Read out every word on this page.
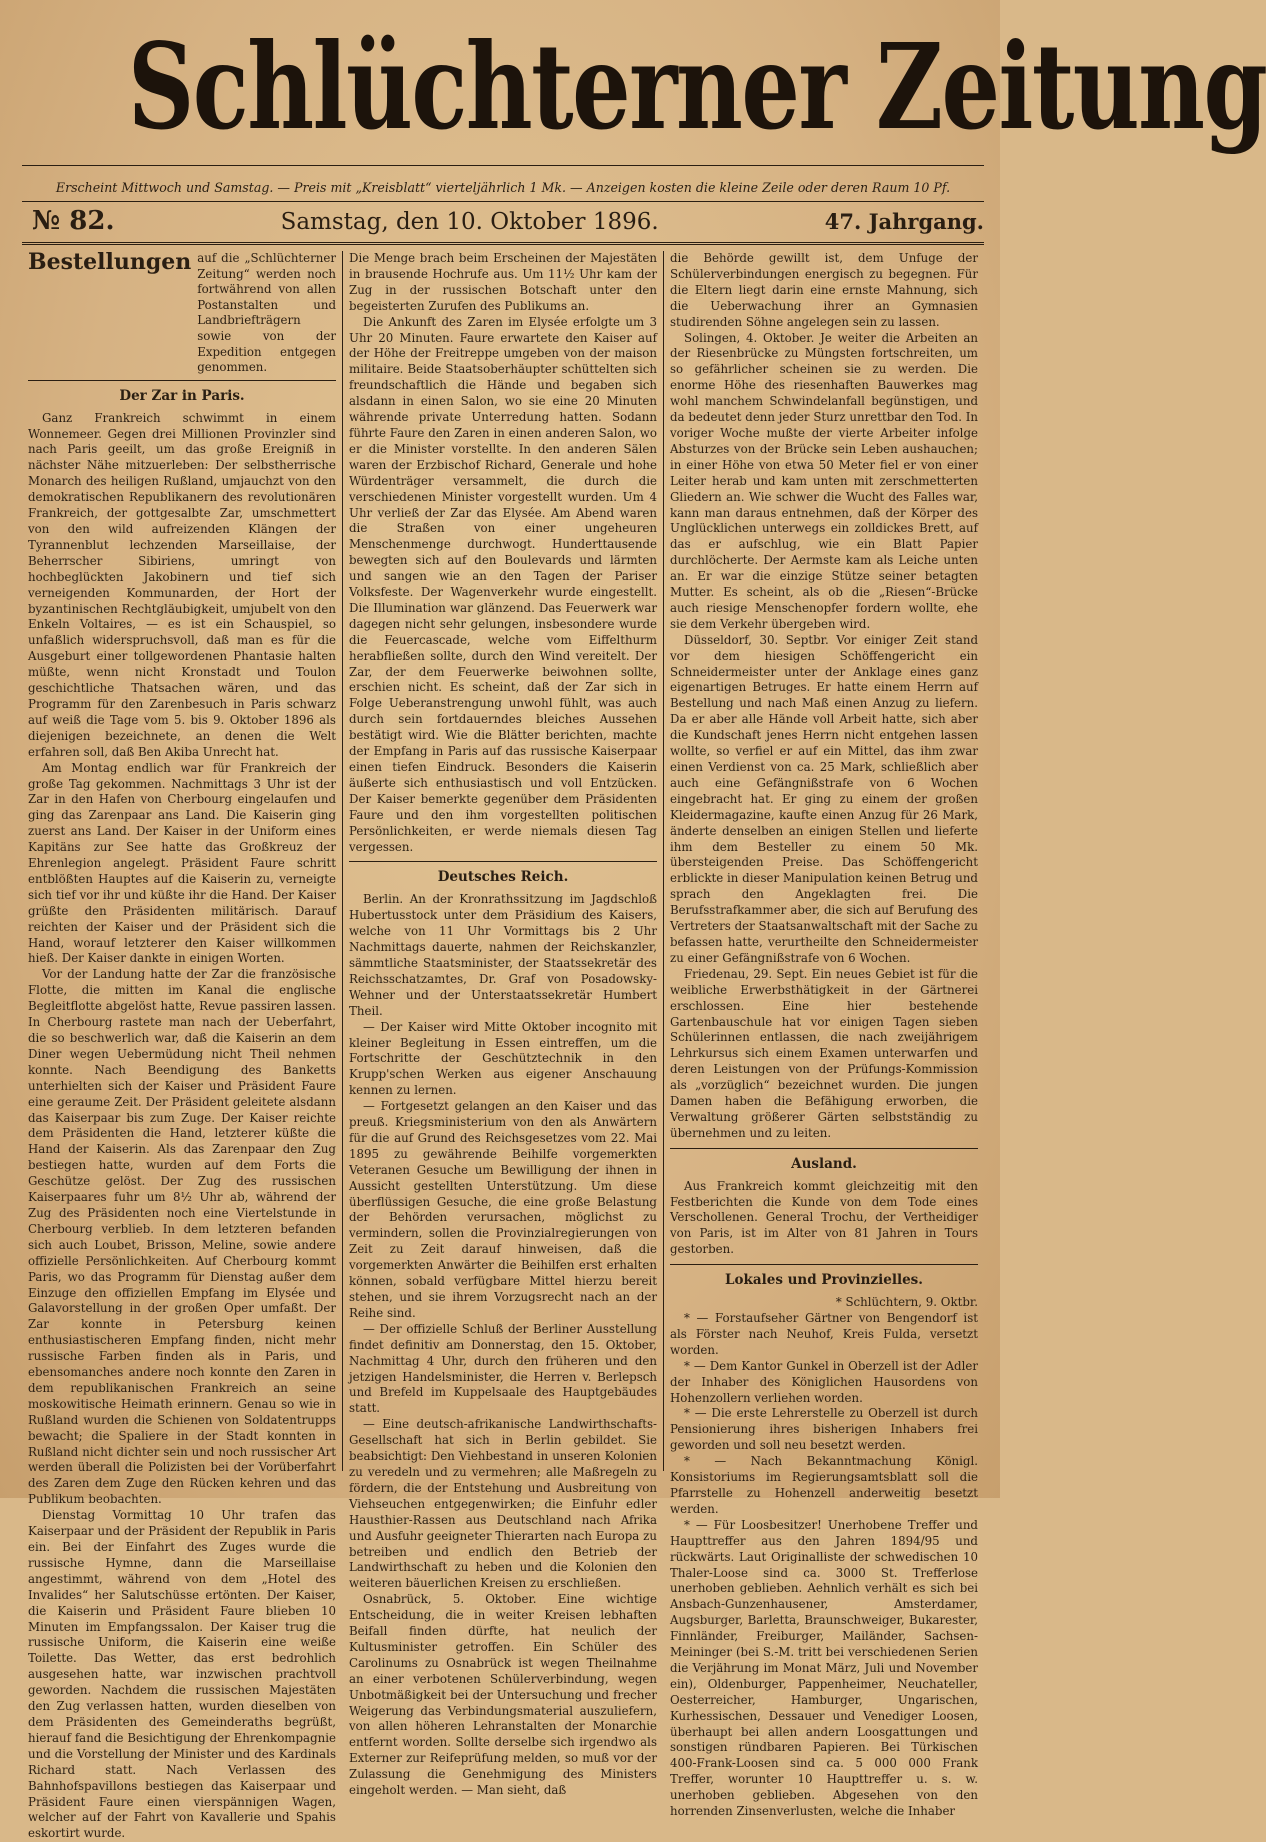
Schlüchterner Zeitung
Erscheint Mittwoch und Samstag. — Preis mit „Kreisblatt“ vierteljährlich 1 Mk. — Anzeigen kosten die kleine Zeile oder deren Raum 10 Pf.
№ 82.	Samstag, den 10. Oktober 1896.	47. Jahrgang.
Bestellungen auf die „Schlüchterner Zeitung“ werden noch fortwährend von allen Postanstalten und Landbriefträgern sowie von der Expedition entgegen genommen.
Der Zar in Paris.

Ganz Frankreich schwimmt in einem Wonnemeer. Gegen drei Millionen Provinzler sind nach Paris geeilt, um das große Ereigniß in nächster Nähe mitzuerleben: Der selbstherrische Monarch des heiligen Rußland, umjauchzt von den demokratischen Republikanern des revolutionären Frankreich, der gottgesalbte Zar, umschmettert von den wild aufreizenden Klängen der Tyrannenblut lechzenden Marseillaise, der Beherrscher Sibiriens, umringt von hochbeglückten Jakobinern und tief sich verneigenden Kommunarden, der Hort der byzantinischen Rechtgläubigkeit, umjubelt von den Enkeln Voltaires, — es ist ein Schauspiel, so unfaßlich widerspruchsvoll, daß man es für die Ausgeburt einer tollgewordenen Phantasie halten müßte, wenn nicht Kronstadt und Toulon geschichtliche Thatsachen wären, und das Programm für den Zarenbesuch in Paris schwarz auf weiß die Tage vom 5. bis 9. Oktober 1896 als diejenigen bezeichnete, an denen die Welt erfahren soll, daß Ben Akiba Unrecht hat.

Am Montag endlich war für Frankreich der große Tag gekommen. Nachmittags 3 Uhr ist der Zar in den Hafen von Cherbourg eingelaufen und ging das Zarenpaar ans Land. Die Kaiserin ging zuerst ans Land. Der Kaiser in der Uniform eines Kapitäns zur See hatte das Großkreuz der Ehrenlegion angelegt. Präsident Faure schritt entblößten Hauptes auf die Kaiserin zu, verneigte sich tief vor ihr und küßte ihr die Hand. Der Kaiser grüßte den Präsidenten militärisch. Darauf reichten der Kaiser und der Präsident sich die Hand, worauf letzterer den Kaiser willkommen hieß. Der Kaiser dankte in einigen Worten.

Vor der Landung hatte der Zar die französische Flotte, die mitten im Kanal die englische Begleitflotte abgelöst hatte, Revue passiren lassen. In Cherbourg rastete man nach der Ueberfahrt, die so beschwerlich war, daß die Kaiserin an dem Diner wegen Uebermüdung nicht Theil nehmen konnte. Nach Beendigung des Banketts unterhielten sich der Kaiser und Präsident Faure eine geraume Zeit. Der Präsident geleitete alsdann das Kaiserpaar bis zum Zuge. Der Kaiser reichte dem Präsidenten die Hand, letzterer küßte die Hand der Kaiserin. Als das Zarenpaar den Zug bestiegen hatte, wurden auf dem Forts die Geschütze gelöst. Der Zug des russischen Kaiserpaares fuhr um 8½ Uhr ab, während der Zug des Präsidenten noch eine Viertelstunde in Cherbourg verblieb. In dem letzteren befanden sich auch Loubet, Brisson, Meline, sowie andere offizielle Persönlichkeiten. Auf Cherbourg kommt Paris, wo das Programm für Dienstag außer dem Einzuge den offiziellen Empfang im Elysée und Galavorstellung in der großen Oper umfaßt. Der Zar konnte in Petersburg keinen enthusiastischeren Empfang finden, nicht mehr russische Farben finden als in Paris, und ebensomanches andere noch konnte den Zaren in dem republikanischen Frankreich an seine moskowitische Heimath erinnern. Genau so wie in Rußland wurden die Schienen von Soldatentrupps bewacht; die Spaliere in der Stadt konnten in Rußland nicht dichter sein und noch russischer Art werden überall die Polizisten bei der Vorüberfahrt des Zaren dem Zuge den Rücken kehren und das Publikum beobachten.

Dienstag Vormittag 10 Uhr trafen das Kaiserpaar und der Präsident der Republik in Paris ein. Bei der Einfahrt des Zuges wurde die russische Hymne, dann die Marseillaise angestimmt, während von dem „Hotel des Invalides“ her Salutschüsse ertönten. Der Kaiser, die Kaiserin und Präsident Faure blieben 10 Minuten im Empfangssalon. Der Kaiser trug die russische Uniform, die Kaiserin eine weiße Toilette. Das Wetter, das erst bedrohlich ausgesehen hatte, war inzwischen prachtvoll geworden. Nachdem die russischen Majestäten den Zug verlassen hatten, wurden dieselben von dem Präsidenten des Gemeinderaths begrüßt, hierauf fand die Besichtigung der Ehrenkompagnie und die Vorstellung der Minister und des Kardinals Richard statt. Nach Verlassen des Bahnhofspavillons bestiegen das Kaiserpaar und Präsident Faure einen vierspännigen Wagen, welcher auf der Fahrt von Kavallerie und Spahis eskortirt wurde.

Die Menge brach beim Erscheinen der Majestäten in brausende Hochrufe aus. Um 11½ Uhr kam der Zug in der russischen Botschaft unter den begeisterten Zurufen des Publikums an.

Die Ankunft des Zaren im Elysée erfolgte um 3 Uhr 20 Minuten. Faure erwartete den Kaiser auf der Höhe der Freitreppe umgeben von der maison militaire. Beide Staatsoberhäupter schüttelten sich freundschaftlich die Hände und begaben sich alsdann in einen Salon, wo sie eine 20 Minuten währende private Unterredung hatten. Sodann führte Faure den Zaren in einen anderen Salon, wo er die Minister vorstellte. In den anderen Sälen waren der Erzbischof Richard, Generale und hohe Würdenträger versammelt, die durch die verschiedenen Minister vorgestellt wurden. Um 4 Uhr verließ der Zar das Elysée. Am Abend waren die Straßen von einer ungeheuren Menschenmenge durchwogt. Hunderttausende bewegten sich auf den Boulevards und lärmten und sangen wie an den Tagen der Pariser Volksfeste. Der Wagenverkehr wurde eingestellt. Die Illumination war glänzend. Das Feuerwerk war dagegen nicht sehr gelungen, insbesondere wurde die Feuercascade, welche vom Eiffelthurm herabfließen sollte, durch den Wind vereitelt. Der Zar, der dem Feuerwerke beiwohnen sollte, erschien nicht. Es scheint, daß der Zar sich in Folge Ueberanstrengung unwohl fühlt, was auch durch sein fortdauerndes bleiches Aussehen bestätigt wird. Wie die Blätter berichten, machte der Empfang in Paris auf das russische Kaiserpaar einen tiefen Eindruck. Besonders die Kaiserin äußerte sich enthusiastisch und voll Entzücken. Der Kaiser bemerkte gegenüber dem Präsidenten Faure und den ihm vorgestellten politischen Persönlichkeiten, er werde niemals diesen Tag vergessen.

Deutsches Reich.

Berlin. An der Kronrathssitzung im Jagdschloß Hubertusstock unter dem Präsidium des Kaisers, welche von 11 Uhr Vormittags bis 2 Uhr Nachmittags dauerte, nahmen der Reichskanzler, sämmtliche Staatsminister, der Staatssekretär des Reichsschatzamtes, Dr. Graf von Posadowsky-Wehner und der Unterstaatssekretär Humbert Theil.

— Der Kaiser wird Mitte Oktober incognito mit kleiner Begleitung in Essen eintreffen, um die Fortschritte der Geschütztechnik in den Krupp'schen Werken aus eigener Anschauung kennen zu lernen.

— Fortgesetzt gelangen an den Kaiser und das preuß. Kriegsministerium von den als Anwärtern für die auf Grund des Reichsgesetzes vom 22. Mai 1895 zu gewährende Beihilfe vorgemerkten Veteranen Gesuche um Bewilligung der ihnen in Aussicht gestellten Unterstützung. Um diese überflüssigen Gesuche, die eine große Belastung der Behörden verursachen, möglichst zu vermindern, sollen die Provinzialregierungen von Zeit zu Zeit darauf hinweisen, daß die vorgemerkten Anwärter die Beihilfen erst erhalten können, sobald verfügbare Mittel hierzu bereit stehen, und sie ihrem Vorzugsrecht nach an der Reihe sind.

— Der offizielle Schluß der Berliner Ausstellung findet definitiv am Donnerstag, den 15. Oktober, Nachmittag 4 Uhr, durch den früheren und den jetzigen Handelsminister, die Herren v. Berlepsch und Brefeld im Kuppelsaale des Hauptgebäudes statt.

— Eine deutsch-afrikanische Landwirthschafts-Gesellschaft hat sich in Berlin gebildet. Sie beabsichtigt: Den Viehbestand in unseren Kolonien zu veredeln und zu vermehren; alle Maßregeln zu fördern, die der Entstehung und Ausbreitung von Viehseuchen entgegenwirken; die Einfuhr edler Hausthier-Rassen aus Deutschland nach Afrika und Ausfuhr geeigneter Thierarten nach Europa zu betreiben und endlich den Betrieb der Landwirthschaft zu heben und die Kolonien den weiteren bäuerlichen Kreisen zu erschließen.

Osnabrück, 5. Oktober. Eine wichtige Entscheidung, die in weiter Kreisen lebhaften Beifall finden dürfte, hat neulich der Kultusminister getroffen. Ein Schüler des Carolinums zu Osnabrück ist wegen Theilnahme an einer verbotenen Schülerverbindung, wegen Unbotmäßigkeit bei der Untersuchung und frecher Weigerung das Verbindungsmaterial auszuliefern, von allen höheren Lehranstalten der Monarchie entfernt worden. Sollte derselbe sich irgendwo als Externer zur Reifeprüfung melden, so muß vor der Zulassung die Genehmigung des Ministers eingeholt werden. — Man sieht, daß

die Behörde gewillt ist, dem Unfuge der Schülerverbindungen energisch zu begegnen. Für die Eltern liegt darin eine ernste Mahnung, sich die Ueberwachung ihrer an Gymnasien studirenden Söhne angelegen sein zu lassen.

Solingen, 4. Oktober. Je weiter die Arbeiten an der Riesenbrücke zu Müngsten fortschreiten, um so gefährlicher scheinen sie zu werden. Die enorme Höhe des riesenhaften Bauwerkes mag wohl manchem Schwindelanfall begünstigen, und da bedeutet denn jeder Sturz unrettbar den Tod. In voriger Woche mußte der vierte Arbeiter infolge Absturzes von der Brücke sein Leben aushauchen; in einer Höhe von etwa 50 Meter fiel er von einer Leiter herab und kam unten mit zerschmetterten Gliedern an. Wie schwer die Wucht des Falles war, kann man daraus entnehmen, daß der Körper des Unglücklichen unterwegs ein zolldickes Brett, auf das er aufschlug, wie ein Blatt Papier durchlöcherte. Der Aermste kam als Leiche unten an. Er war die einzige Stütze seiner betagten Mutter. Es scheint, als ob die „Riesen“-Brücke auch riesige Menschenopfer fordern wollte, ehe sie dem Verkehr übergeben wird.

Düsseldorf, 30. Septbr. Vor einiger Zeit stand vor dem hiesigen Schöffengericht ein Schneidermeister unter der Anklage eines ganz eigenartigen Betruges. Er hatte einem Herrn auf Bestellung und nach Maß einen Anzug zu liefern. Da er aber alle Hände voll Arbeit hatte, sich aber die Kundschaft jenes Herrn nicht entgehen lassen wollte, so verfiel er auf ein Mittel, das ihm zwar einen Verdienst von ca. 25 Mark, schließlich aber auch eine Gefängnißstrafe von 6 Wochen eingebracht hat. Er ging zu einem der großen Kleidermagazine, kaufte einen Anzug für 26 Mark, änderte denselben an einigen Stellen und lieferte ihm dem Besteller zu einem 50 Mk. übersteigenden Preise. Das Schöffengericht erblickte in dieser Manipulation keinen Betrug und sprach den Angeklagten frei. Die Berufsstrafkammer aber, die sich auf Berufung des Vertreters der Staatsanwaltschaft mit der Sache zu befassen hatte, verurtheilte den Schneidermeister zu einer Gefängnißstrafe von 6 Wochen.

Friedenau, 29. Sept. Ein neues Gebiet ist für die weibliche Erwerbsthätigkeit in der Gärtnerei erschlossen. Eine hier bestehende Gartenbauschule hat vor einigen Tagen sieben Schülerinnen entlassen, die nach zweijährigem Lehrkursus sich einem Examen unterwarfen und deren Leistungen von der Prüfungs-Kommission als „vorzüglich“ bezeichnet wurden. Die jungen Damen haben die Befähigung erworben, die Verwaltung größerer Gärten selbstständig zu übernehmen und zu leiten.

Ausland.

Aus Frankreich kommt gleichzeitig mit den Festberichten die Kunde von dem Tode eines Verschollenen. General Trochu, der Vertheidiger von Paris, ist im Alter von 81 Jahren in Tours gestorben.

Lokales und Provinzielles.

* Schlüchtern, 9. Oktbr.

* — Forstaufseher Gärtner von Bengendorf ist als Förster nach Neuhof, Kreis Fulda, versetzt worden.

* — Dem Kantor Gunkel in Oberzell ist der Adler der Inhaber des Königlichen Hausordens von Hohenzollern verliehen worden.

* — Die erste Lehrerstelle zu Oberzell ist durch Pensionierung ihres bisherigen Inhabers frei geworden und soll neu besetzt werden.

* — Nach Bekanntmachung Königl. Konsistoriums im Regierungsamtsblatt soll die Pfarrstelle zu Hohenzell anderweitig besetzt werden.

* — Für Loosbesitzer! Unerhobene Treffer und Haupttreffer aus den Jahren 1894/95 und rückwärts. Laut Originalliste der schwedischen 10 Thaler-Loose sind ca. 3000 St. Trefferlose unerhoben geblieben. Aehnlich verhält es sich bei Ansbach-Gunzenhausener, Amsterdamer, Augsburger, Barletta, Braunschweiger, Bukarester, Finnländer, Freiburger, Mailänder, Sachsen-Meininger (bei S.-M. tritt bei verschiedenen Serien die Verjährung im Monat März, Juli und November ein), Oldenburger, Pappenheimer, Neuchateller, Oesterreicher, Hamburger, Ungarischen, Kurhessischen, Dessauer und Venediger Loosen, überhaupt bei allen andern Loosgattungen und sonstigen ründbaren Papieren. Bei Türkischen 400-Frank-Loosen sind ca. 5 000 000 Frank Treffer, worunter 10 Haupttreffer u. s. w. unerhoben geblieben. Abgesehen von den horrenden Zinsenverlusten, welche die Inhaber
